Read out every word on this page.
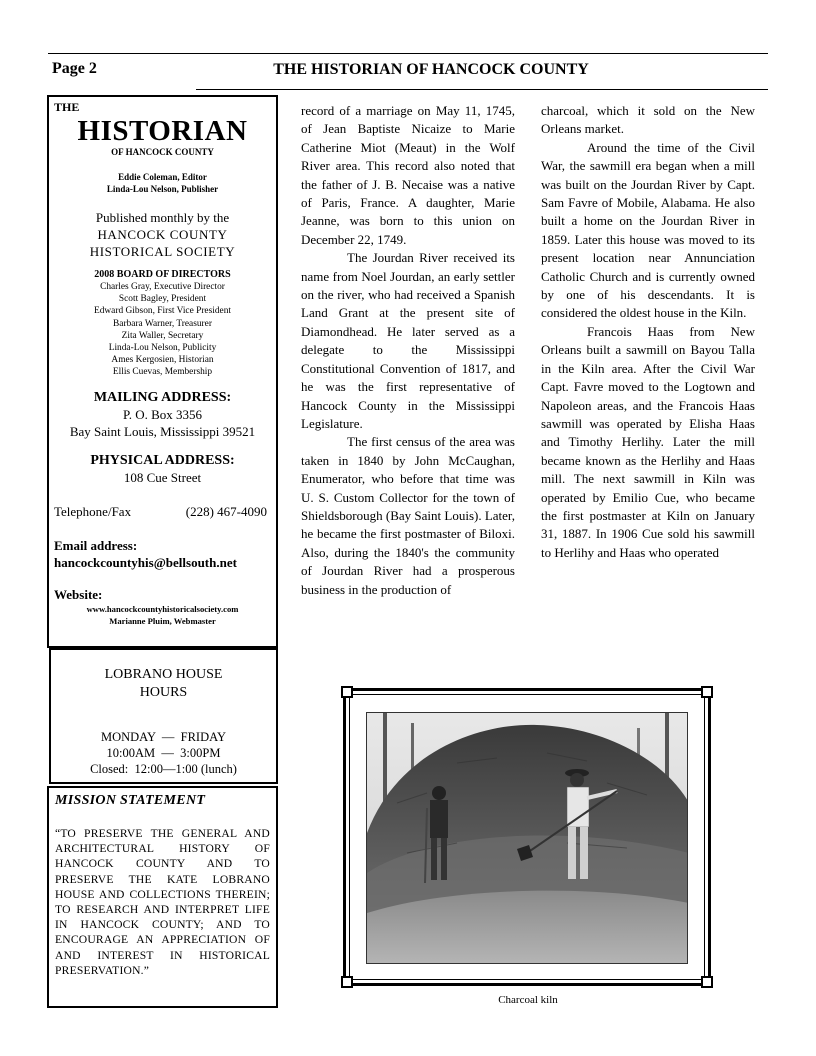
Page 2	THE HISTORIAN OF HANCOCK COUNTY
THE
HISTORIAN
OF HANCOCK COUNTY
Eddie Coleman, Editor
Linda-Lou Nelson, Publisher
Published monthly by the
HANCOCK COUNTY
HISTORICAL SOCIETY
2008 BOARD OF DIRECTORS
Charles Gray, Executive Director
Scott Bagley, President
Edward Gibson, First Vice President
Barbara Warner, Treasurer
Zita Waller, Secretary
Linda-Lou Nelson, Publicity
Ames Kergosien, Historian
Ellis Cuevas, Membership
MAILING ADDRESS:
P. O. Box 3356
Bay Saint Louis, Mississippi 39521
PHYSICAL ADDRESS:
108 Cue Street
Telephone/Fax	(228) 467-4090
Email address:
hancockcountyhis@bellsouth.net
Website:
www.hancockcountyhistoricalsociety.com
Marianne Pluim, Webmaster
LOBRANO HOUSE
HOURS
MONDAY  —  FRIDAY
10:00AM  —  3:00PM
Closed:  12:00—1:00 (lunch)
MISSION STATEMENT
“TO PRESERVE THE GENERAL AND ARCHITECTURAL HISTORY OF HANCOCK COUNTY AND TO PRESERVE THE KATE LOBRANO HOUSE AND COLLECTIONS THEREIN; TO RESEARCH AND INTERPRET LIFE IN HANCOCK COUNTY; AND TO ENCOURAGE AN APPRECIATION OF AND INTEREST IN HISTORICAL PRESERVATION.”

record of a marriage on May 11, 1745, of Jean Baptiste Nicaize to Marie Catherine Miot (Meaut) in the Wolf River area. This record also noted that the father of J. B. Necaise was a native of Paris, France. A daughter, Marie Jeanne, was born to this union on December 22, 1749.

The Jourdan River received its name from Noel Jourdan, an early settler on the river, who had received a Spanish Land Grant at the present site of Diamondhead. He later served as a delegate to the Mississippi Constitutional Convention of 1817, and he was the first representative of Hancock County in the Mississippi Legislature.

The first census of the area was taken in 1840 by John McCaughan, Enumerator, who before that time was U. S. Custom Collector for the town of Shieldsborough (Bay Saint Louis). Later, he became the first postmaster of Biloxi. Also, during the 1840's the community of Jourdan River had a prosperous business in the production of

charcoal, which it sold on the New Orleans market.

Around the time of the Civil War, the sawmill era began when a mill was built on the Jourdan River by Capt. Sam Favre of Mobile, Alabama. He also built a home on the Jourdan River in 1859. Later this house was moved to its present location near Annunciation Catholic Church and is currently owned by one of his descendants. It is considered the oldest house in the Kiln.

Francois Haas from New Orleans built a sawmill on Bayou Talla in the Kiln area. After the Civil War Capt. Favre moved to the Logtown and Napoleon areas, and the Francois Haas sawmill was operated by Elisha Haas and Timothy Herlihy. Later the mill became known as the Herlihy and Haas mill. The next sawmill in Kiln was operated by Emilio Cue, who became the first postmaster at Kiln on January 31, 1887. In 1906 Cue sold his sawmill to Herlihy and Haas who operated

Charcoal kiln
